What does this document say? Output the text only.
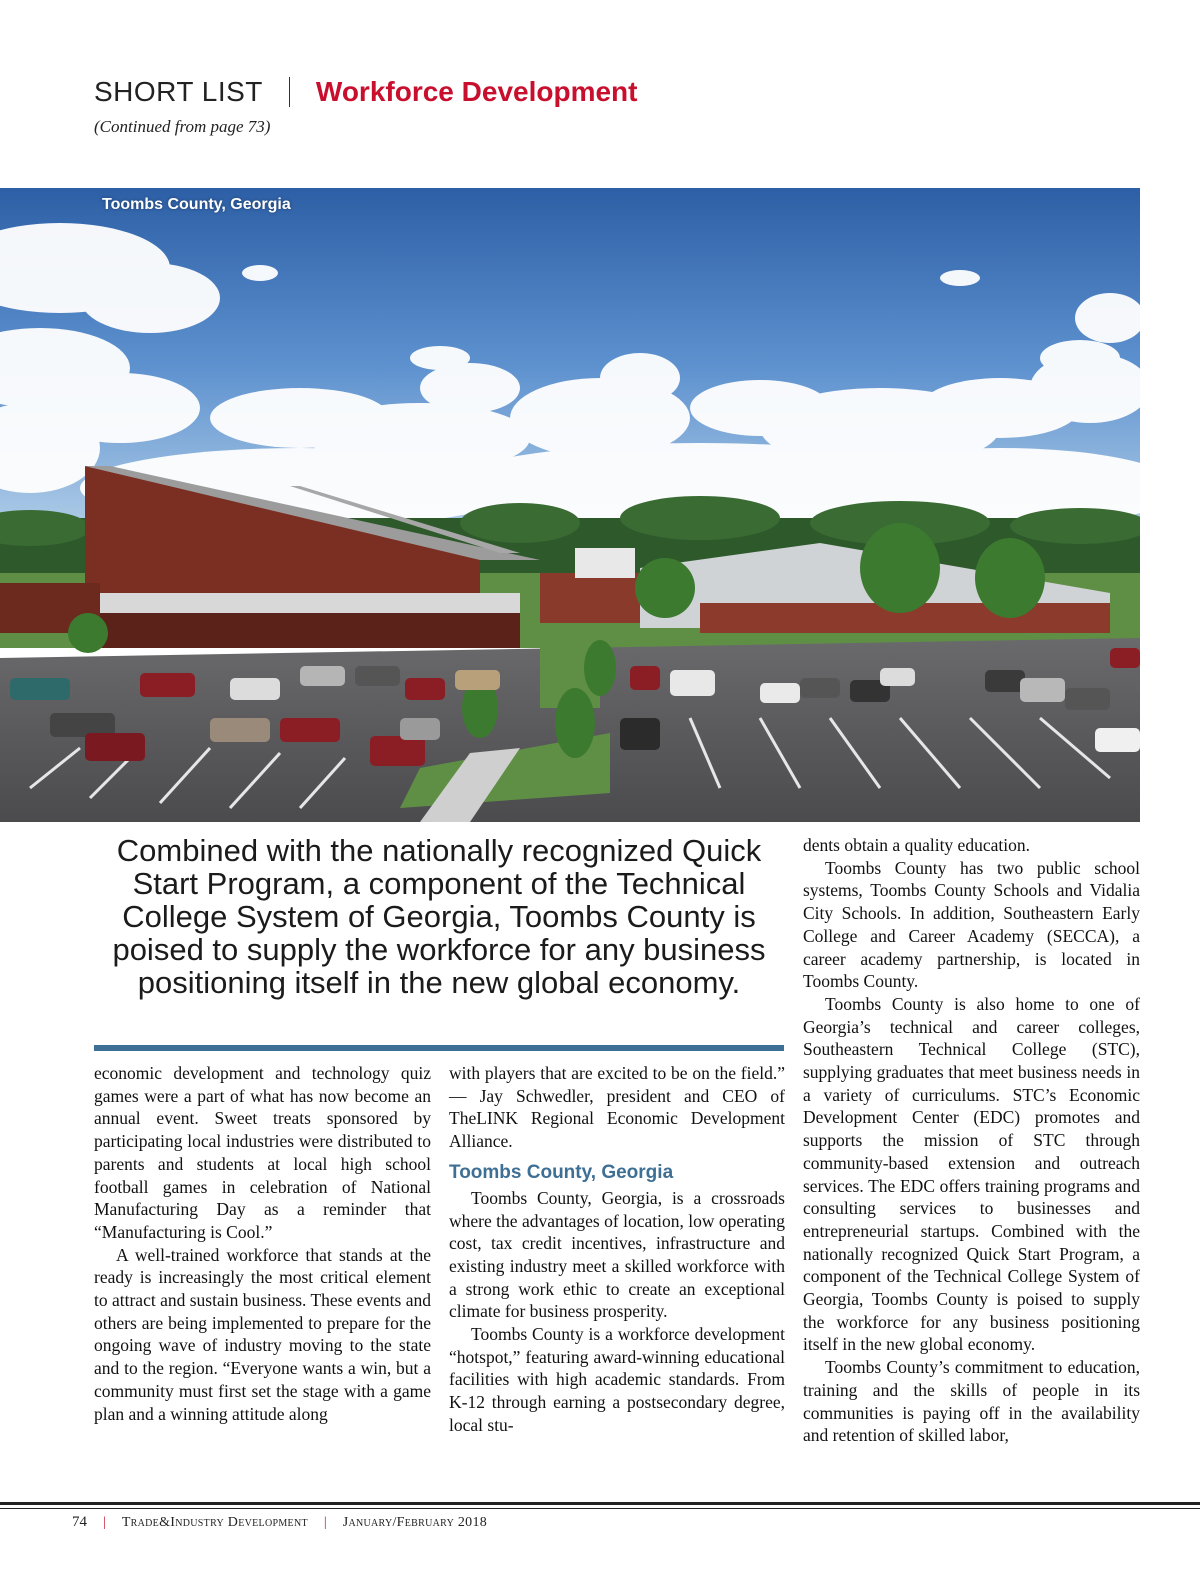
SHORT LIST Workforce Development
(Continued from page 73)
Toombs County, Georgia
Combined with the nationally recognized Quick Start Program, a component of the Technical College System of Georgia, Toombs County is poised to supply the workforce for any business positioning itself in the new global economy.

economic development and technology quiz games were a part of what has now become an annual event. Sweet treats sponsored by participating local industries were distributed to parents and students at local high school football games in celebration of National Manufacturing Day as a reminder that “Manufacturing is Cool.”

A well-trained workforce that stands at the ready is increasingly the most critical element to attract and sustain business. These events and others are being implemented to prepare for the ongoing wave of industry moving to the state and to the region. “Everyone wants a win, but a community must first set the stage with a game plan and a winning attitude along

with players that are excited to be on the field.” — Jay Schwedler, president and CEO of TheLINK Regional Economic Development Alliance.

Toombs County, Georgia

Toombs County, Georgia, is a crossroads where the advantages of location, low operating cost, tax credit incentives, infrastructure and existing industry meet a skilled workforce with a strong work ethic to create an exceptional climate for business prosperity.

Toombs County is a workforce development “hotspot,” featuring award-winning educational facilities with high academic standards. From K-12 through earning a postsecondary degree, local stu-

dents obtain a quality education.

Toombs County has two public school systems, Toombs County Schools and Vidalia City Schools. In addition, Southeastern Early College and Career Academy (SECCA), a career academy partnership, is located in Toombs County.

Toombs County is also home to one of Georgia’s technical and career colleges, Southeastern Technical College (STC), supplying graduates that meet business needs in a variety of curriculums. STC’s Economic Development Center (EDC) promotes and supports the mission of STC through community-based extension and outreach services. The EDC offers training programs and consulting services to businesses and entrepreneurial startups. Combined with the nationally recognized Quick Start Program, a component of the Technical College System of Georgia, Toombs County is poised to supply the workforce for any business positioning itself in the new global economy.

Toombs County’s commitment to education, training and the skills of people in its communities is paying off in the availability and retention of skilled labor,

74 | Trade&Industry Development | January/February 2018
